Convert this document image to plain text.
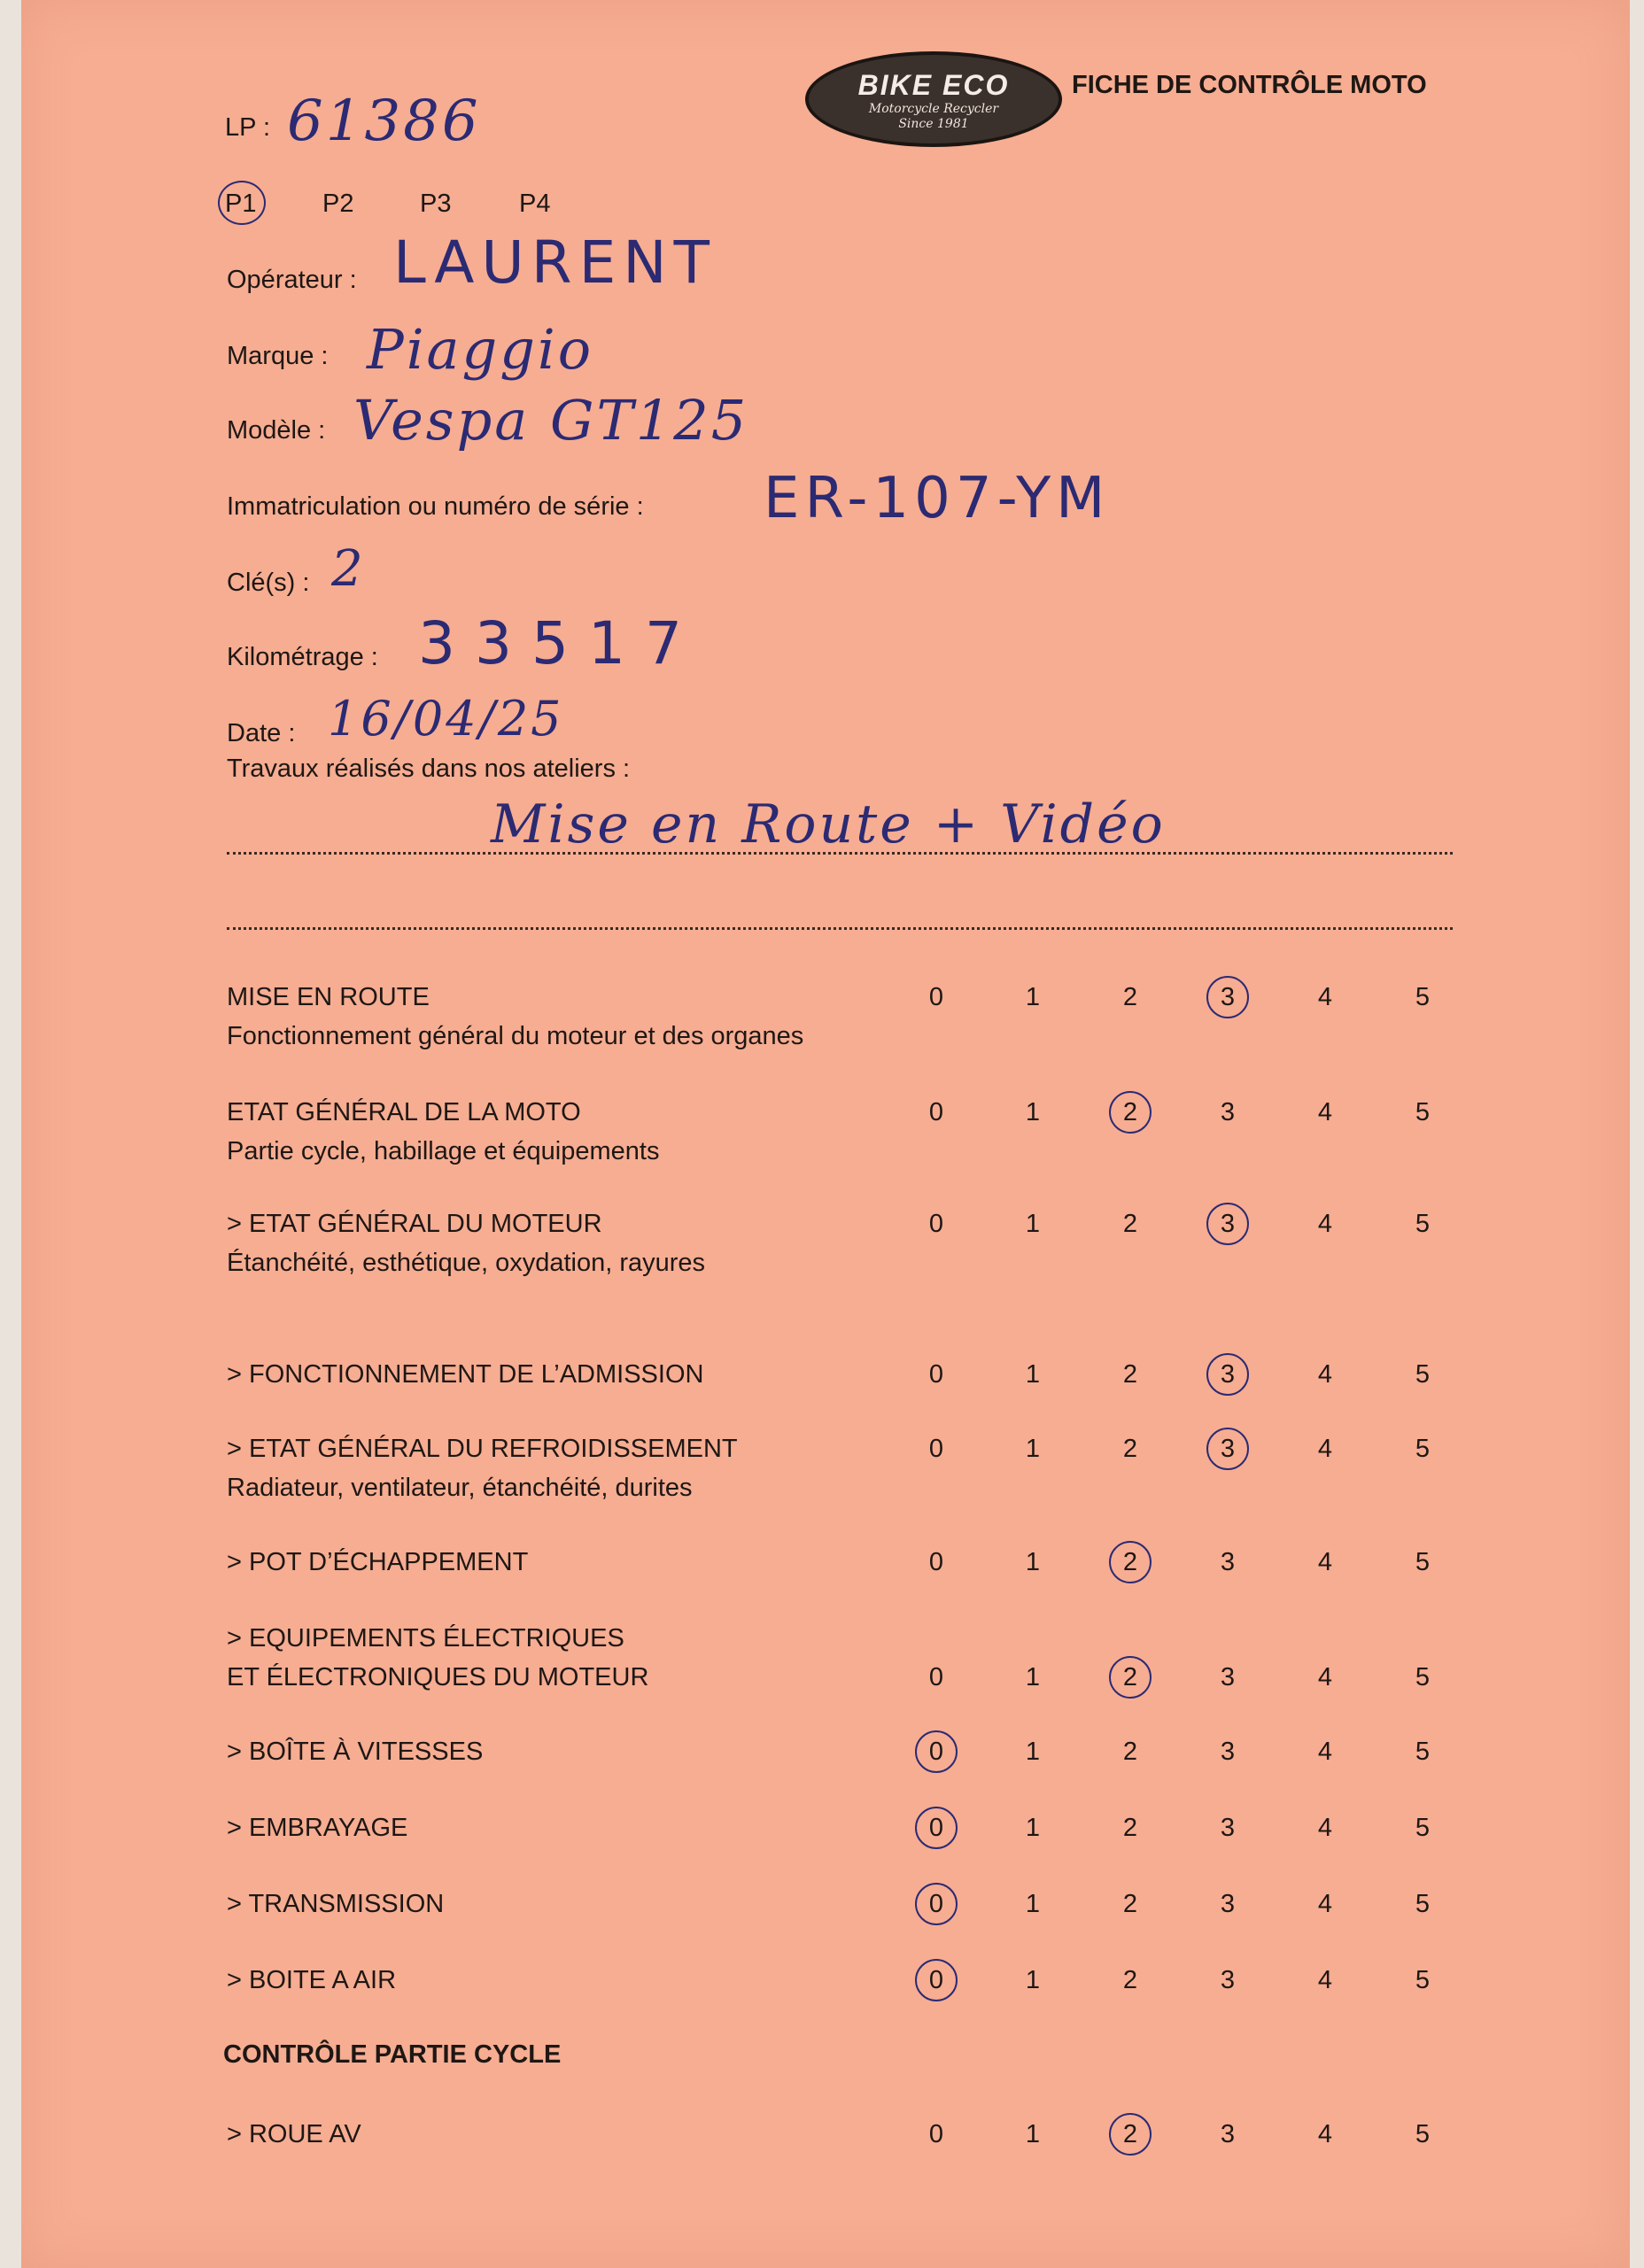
BIKE ECO
Motorcycle Recycler
Since 1981
FICHE DE CONTRÔLE MOTO
LP : 61386
P1	P2	P3	P4
Opérateur : LAURENT
Marque : Piaggio
Modèle : Vespa GT125
Immatriculation ou numéro de série : ER-107-YM
Clé(s) : 2
Kilométrage : 33517
Date : 16/04/25
Travaux réalisés dans nos ateliers :
Mise en Route + Vidéo
MISE EN ROUTE
Fonctionnement général du moteur et des organes
0	1	2	3	4	5
ETAT GÉNÉRAL DE LA MOTO
Partie cycle, habillage et équipements
0	1	2	3	4	5
> ETAT GÉNÉRAL DU MOTEUR
Étanchéité, esthétique, oxydation, rayures
0	1	2	3	4	5
> FONCTIONNEMENT DE L’ADMISSION	0	1	2	3	4	5
> ETAT GÉNÉRAL DU REFROIDISSEMENT
Radiateur, ventilateur, étanchéité, durites
0	1	2	3	4	5
> POT D’ÉCHAPPEMENT	0	1	2	3	4	5
> EQUIPEMENTS ÉLECTRIQUES
ET ÉLECTRONIQUES DU MOTEUR	0	1	2	3	4	5
> BOÎTE À VITESSES	0	1	2	3	4	5
> EMBRAYAGE	0	1	2	3	4	5
> TRANSMISSION	0	1	2	3	4	5
> BOITE A AIR	0	1	2	3	4	5
> ROUE AV	0	1	2	3	4	5
CONTRÔLE PARTIE CYCLE
